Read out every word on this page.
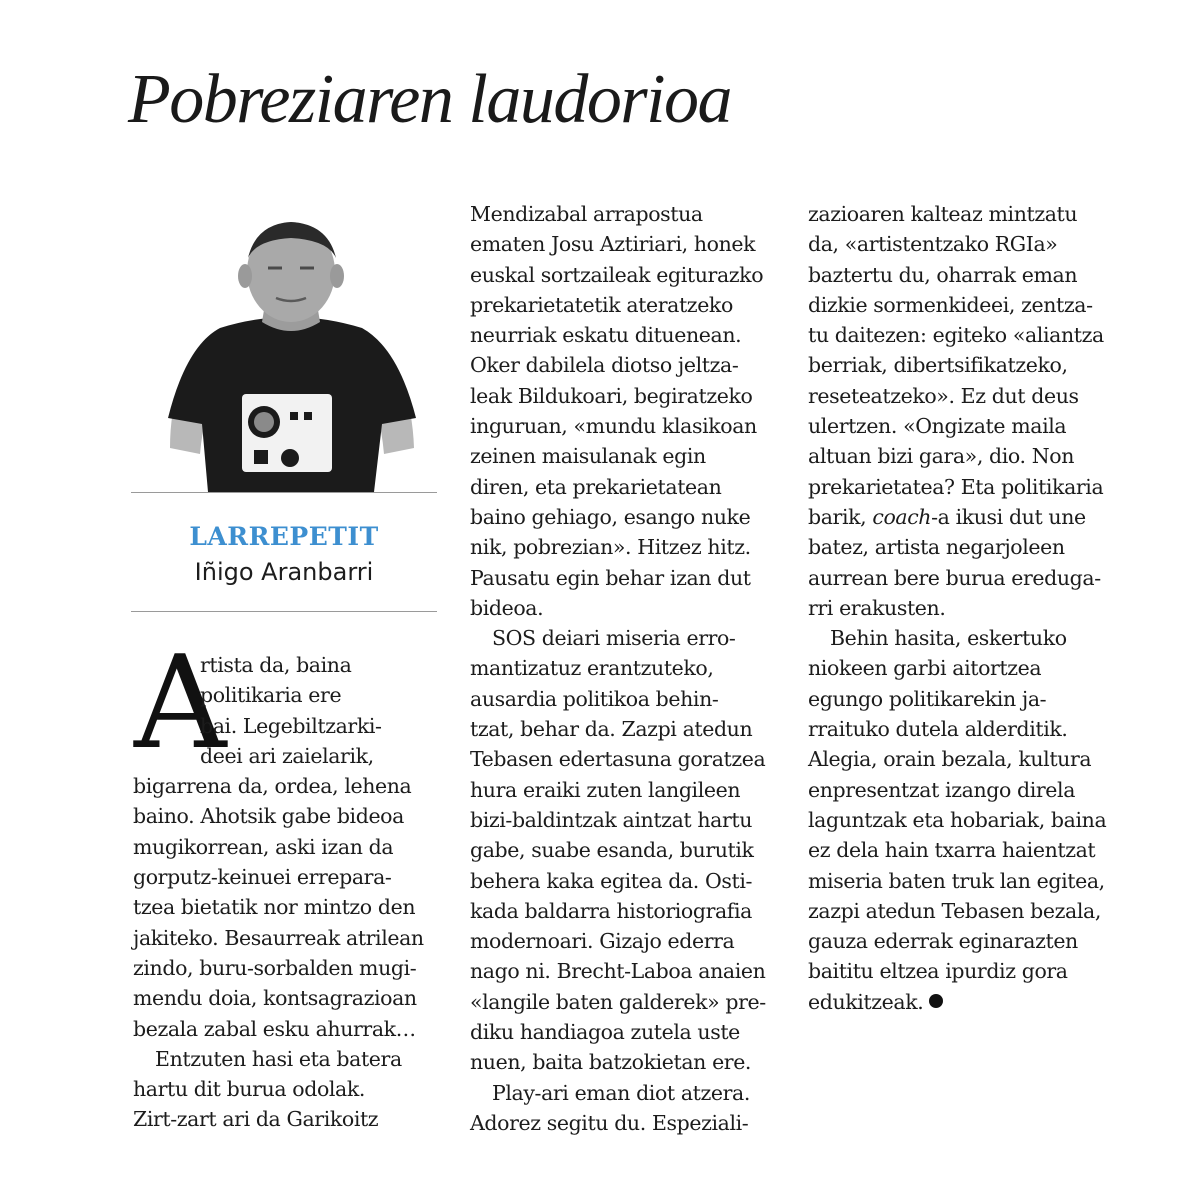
Pobreziaren laudorioa
LARREPETIT
Iñigo Aranbarri
A
rtista da, baina
politikaria ere
bai. Legebiltzarki-
deei ari zaielarik,
bigarrena da, ordea, lehena
baino. Ahotsik gabe bideoa
mugikorrean, aski izan da
gorputz-keinuei errepara-
tzea bietatik nor mintzo den
jakiteko. Besaurreak atrilean
zindo, buru-sorbalden mugi-
mendu doia, kontsagrazioan
bezala zabal esku ahurrak…
Entzuten hasi eta batera
hartu dit burua odolak.
Zirt-zart ari da Garikoitz
Mendizabal arrapostua
ematen Josu Aztiriari, honek
euskal sortzaileak egiturazko
prekarietatetik ateratzeko
neurriak eskatu dituenean.
Oker dabilela diotso jeltza-
leak Bildukoari, begiratzeko
inguruan, «mundu klasikoan
zeinen maisulanak egin
diren, eta prekarietatean
baino gehiago, esango nuke
nik, pobrezian». Hitzez hitz.
Pausatu egin behar izan dut
bideoa.
SOS deiari miseria erro-
mantizatuz erantzuteko,
ausardia politikoa behin-
tzat, behar da. Zazpi atedun
Tebasen edertasuna goratzea
hura eraiki zuten langileen
bizi-baldintzak aintzat hartu
gabe, suabe esanda, burutik
behera kaka egitea da. Osti-
kada baldarra historiografia
modernoari. Gizajo ederra
nago ni. Brecht-Laboa anaien
«langile baten galderek» pre-
diku handiagoa zutela uste
nuen, baita batzokietan ere.
Play-ari eman diot atzera.
Adorez segitu du. Espeziali-
zazioaren kalteaz mintzatu
da, «artistentzako RGIa»
baztertu du, oharrak eman
dizkie sormenkideei, zentza-
tu daitezen: egiteko «aliantza
berriak, dibertsifikatzeko,
reseteatzeko». Ez dut deus
ulertzen. «Ongizate maila
altuan bizi gara», dio. Non
prekarietatea? Eta politikaria
barik, coach-a ikusi dut une
batez, artista negarjoleen
aurrean bere burua eredugа-
rri erakusten.
Behin hasita, eskertuko
niokeen garbi aitortzea
egungo politikarekin ja-
rraituko dutela alderditik.
Alegia, orain bezala, kultura
enpresentzat izango direla
laguntzak eta hobariak, baina
ez dela hain txarra haientzat
miseria baten truk lan egitea,
zazpi atedun Tebasen bezala,
gauza ederrak eginarazten
baititu eltzea ipurdiz gora
edukitzeak.
